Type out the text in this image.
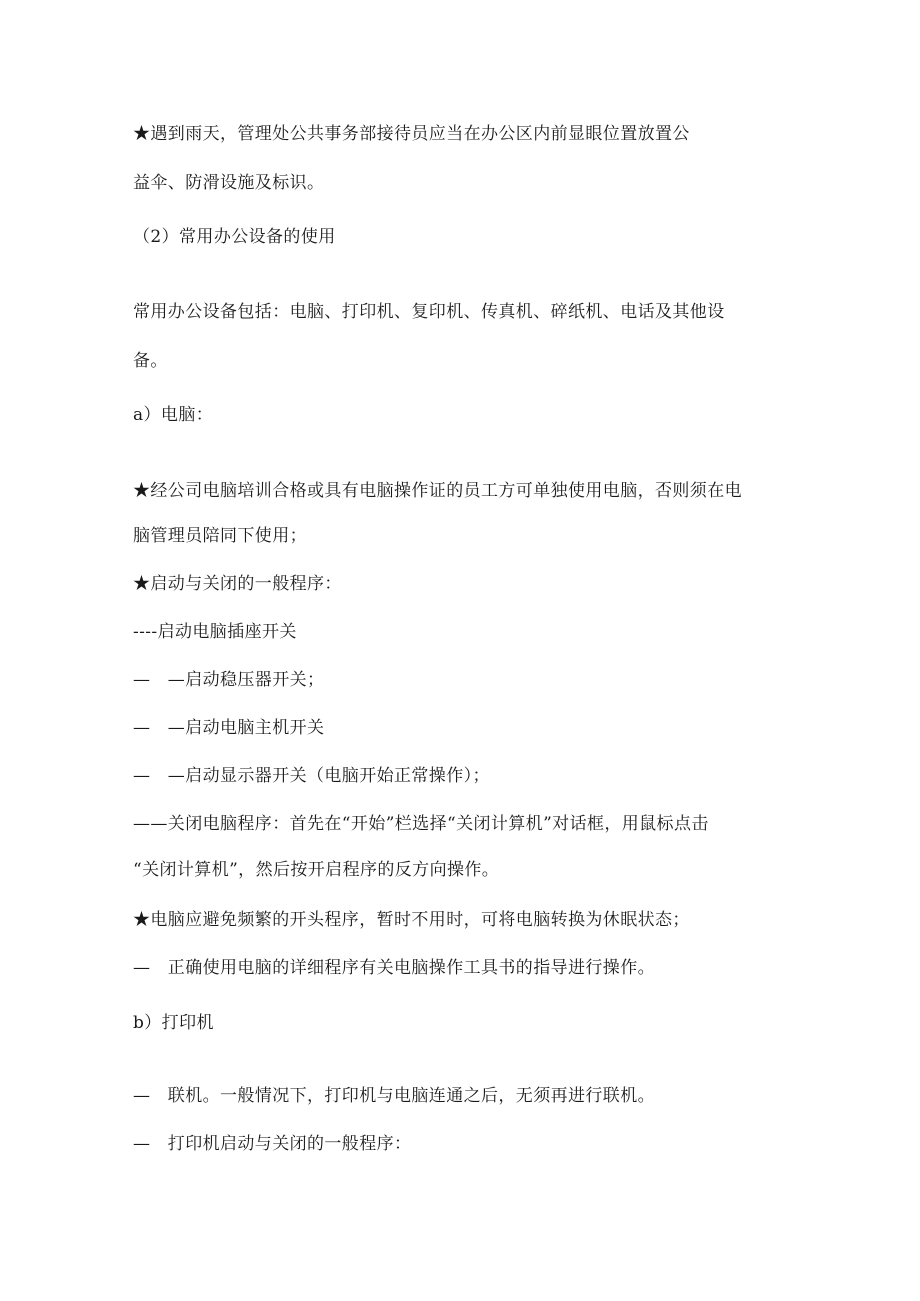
★遇到雨天，管理处公共事务部接待员应当在办公区内前显眼位置放置公
益伞、防滑设施及标识。
（2）常用办公设备的使用
常用办公设备包括：电脑、打印机、复印机、传真机、碎纸机、电话及其他设
备。
a）电脑：
★经公司电脑培训合格或具有电脑操作证的员工方可单独使用电脑，否则须在电
脑管理员陪同下使用；
★启动与关闭的一般程序：
----启动电脑插座开关
—　—启动稳压器开关；
—　—启动电脑主机开关
—　—启动显示器开关（电脑开始正常操作）；
——关闭电脑程序：首先在“开始”栏选择“关闭计算机”对话框，用鼠标点击
“关闭计算机”，然后按开启程序的反方向操作。
★电脑应避免频繁的开头程序，暂时不用时，可将电脑转换为休眠状态；
—　正确使用电脑的详细程序有关电脑操作工具书的指导进行操作。
b）打印机
—　联机。一般情况下，打印机与电脑连通之后，无须再进行联机。
—　打印机启动与关闭的一般程序：
